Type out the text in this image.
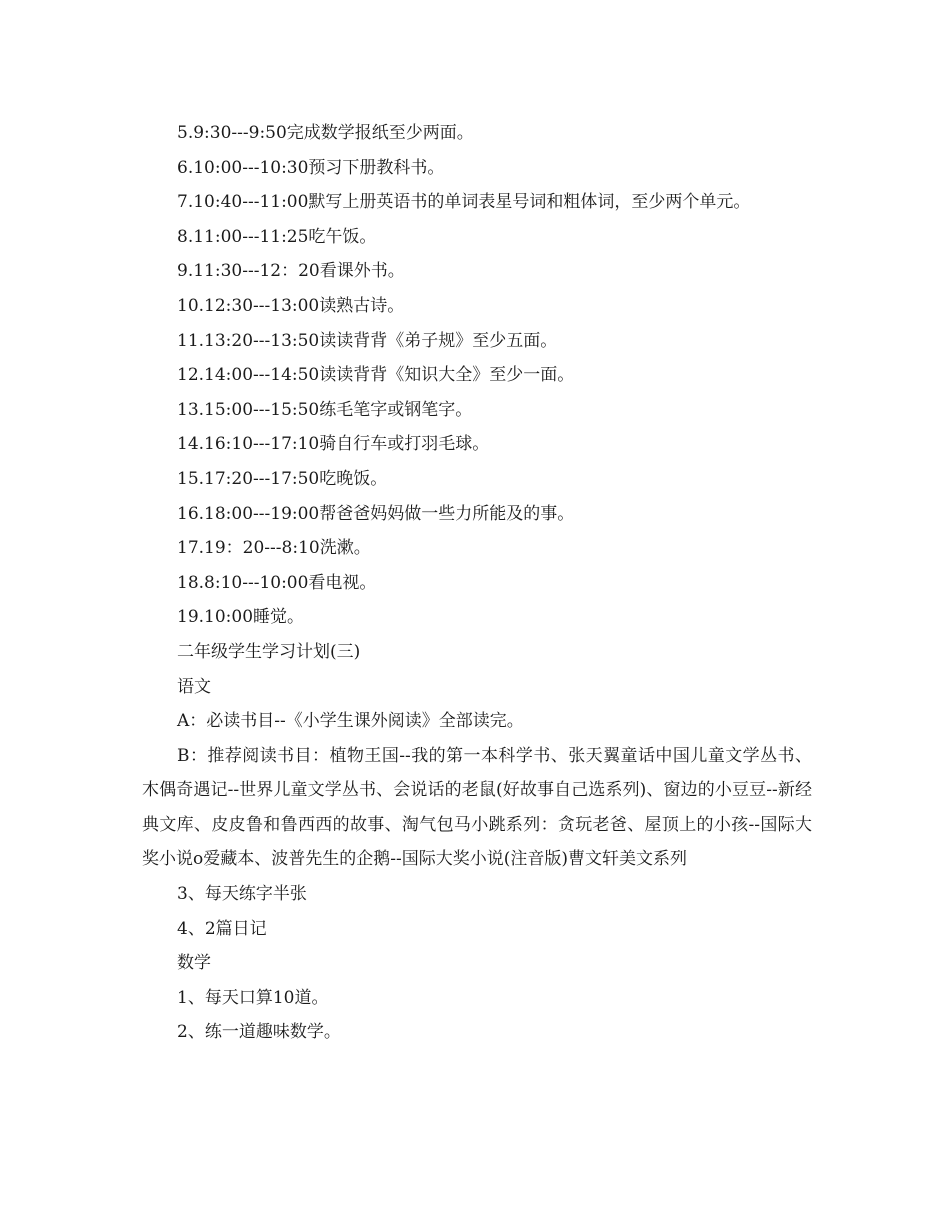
5.9:30---9:50完成数学报纸至少两面。

6.10:00---10:30预习下册教科书。

7.10:40---11:00默写上册英语书的单词表星号词和粗体词，至少两个单元。

8.11:00---11:25吃午饭。

9.11:30---12：20看课外书。

10.12:30---13:00读熟古诗。

11.13:20---13:50读读背背《弟子规》至少五面。

12.14:00---14:50读读背背《知识大全》至少一面。

13.15:00---15:50练毛笔字或钢笔字。

14.16:10---17:10骑自行车或打羽毛球。

15.17:20---17:50吃晚饭。

16.18:00---19:00帮爸爸妈妈做一些力所能及的事。

17.19：20---8:10洗漱。

18.8:10---10:00看电视。

19.10:00睡觉。

二年级学生学习计划(三)

语文

A：必读书目--《小学生课外阅读》全部读完。

B：推荐阅读书目：植物王国--我的第一本科学书、张天翼童话中国儿童文学丛书、木偶奇遇记--世界儿童文学丛书、会说话的老鼠(好故事自己选系列)、窗边的小豆豆--新经典文库、皮皮鲁和鲁西西的故事、淘气包马小跳系列：贪玩老爸、屋顶上的小孩--国际大奖小说o爱藏本、波普先生的企鹅--国际大奖小说(注音版)曹文轩美文系列

3、每天练字半张

4、2篇日记

数学

1、每天口算10道。

2、练一道趣味数学。
